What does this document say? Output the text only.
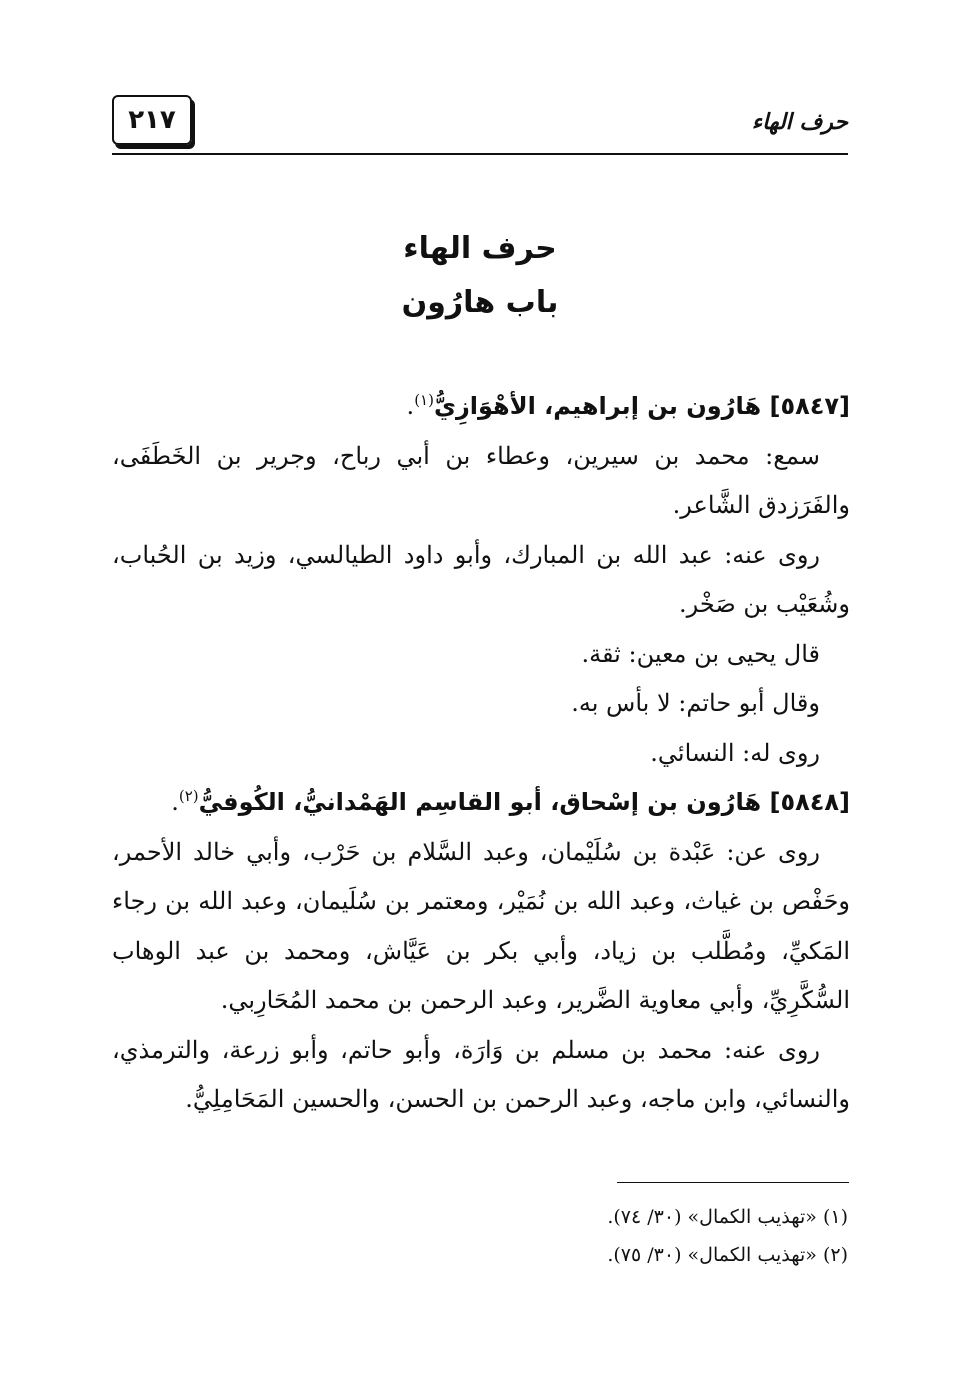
٢١٧	حرف الهاء
حرف الهاء
باب هارُون
[٥٨٤٧] هَارُون بن إبراهيم، الأهْوَازِيُّ$^{(١)}$.
سمع: محمد بن سيرين، وعطاء بن أبي رباح، وجرير بن الخَطَفَى، والفَرَزدق الشَّاعر.
روى عنه: عبد الله بن المبارك، وأبو داود الطيالسي، وزيد بن الحُباب، وشُعَيْب بن صَخْر.
قال يحيى بن معين: ثقة.
وقال أبو حاتم: لا بأس به.
روى له: النسائي.
[٥٨٤٨] هَارُون بن إسْحاق، أبو القاسِم الهَمْدانيُّ، الكُوفيُّ$^{(٢)}$.
روى عن: عَبْدة بن سُلَيْمان، وعبد السَّلام بن حَرْب، وأبي خالد الأحمر، وحَفْص بن غياث، وعبد الله بن نُمَيْر، ومعتمر بن سُلَيمان، وعبد الله بن رجاء المَكيِّ، ومُطَّلب بن زياد، وأبي بكر بن عَيَّاش، ومحمد بن عبد الوهاب السُّكَّرِيِّ، وأبي معاوية الضَّرير، وعبد الرحمن بن محمد المُحَارِبي.
روى عنه: محمد بن مسلم بن وَارَة، وأبو حاتم، وأبو زرعة، والترمذي، والنسائي، وابن ماجه، وعبد الرحمن بن الحسن، والحسين المَحَامِلِيُّ.
(١) «تهذيب الكمال» (٣٠/ ٧٤).
(٢) «تهذيب الكمال» (٣٠/ ٧٥).
